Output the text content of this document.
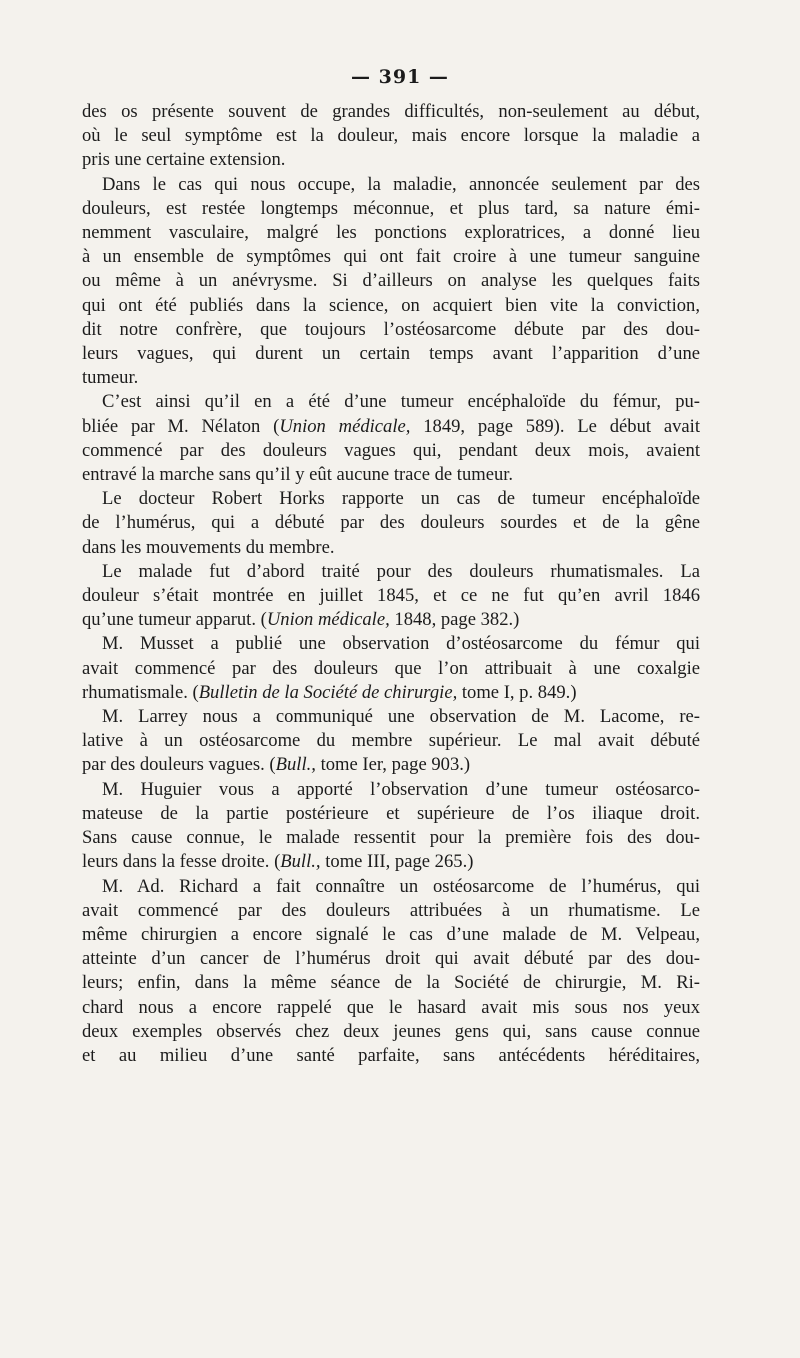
— 391 —
des os présente souvent de grandes difficultés, non-seulement au début,
où le seul symptôme est la douleur, mais encore lorsque la maladie a
pris une certaine extension.
Dans le cas qui nous occupe, la maladie, annoncée seulement par des
douleurs, est restée longtemps méconnue, et plus tard, sa nature émi-
nemment vasculaire, malgré les ponctions exploratrices, a donné lieu
à un ensemble de symptômes qui ont fait croire à une tumeur sanguine
ou même à un anévrysme. Si d’ailleurs on analyse les quelques faits
qui ont été publiés dans la science, on acquiert bien vite la conviction,
dit notre confrère, que toujours l’ostéosarcome débute par des dou-
leurs vagues, qui durent un certain temps avant l’apparition d’une
tumeur.
C’est ainsi qu’il en a été d’une tumeur encéphaloïde du fémur, pu-
bliée par M. Nélaton (Union médicale, 1849, page 589). Le début avait
commencé par des douleurs vagues qui, pendant deux mois, avaient
entravé la marche sans qu’il y eût aucune trace de tumeur.
Le docteur Robert Horks rapporte un cas de tumeur encéphaloïde
de l’humérus, qui a débuté par des douleurs sourdes et de la gêne
dans les mouvements du membre.
Le malade fut d’abord traité pour des douleurs rhumatismales. La
douleur s’était montrée en juillet 1845, et ce ne fut qu’en avril 1846
qu’une tumeur apparut. (Union médicale, 1848, page 382.)
M. Musset a publié une observation d’ostéosarcome du fémur qui
avait commencé par des douleurs que l’on attribuait à une coxalgie
rhumatismale. (Bulletin de la Société de chirurgie, tome I, p. 849.)
M. Larrey nous a communiqué une observation de M. Lacome, re-
lative à un ostéosarcome du membre supérieur. Le mal avait débuté
par des douleurs vagues. (Bull., tome Ier, page 903.)
M. Huguier vous a apporté l’observation d’une tumeur ostéosarco-
mateuse de la partie postérieure et supérieure de l’os iliaque droit.
Sans cause connue, le malade ressentit pour la première fois des dou-
leurs dans la fesse droite. (Bull., tome III, page 265.)
M. Ad. Richard a fait connaître un ostéosarcome de l’humérus, qui
avait commencé par des douleurs attribuées à un rhumatisme. Le
même chirurgien a encore signalé le cas d’une malade de M. Velpeau,
atteinte d’un cancer de l’humérus droit qui avait débuté par des dou-
leurs; enfin, dans la même séance de la Société de chirurgie, M. Ri-
chard nous a encore rappelé que le hasard avait mis sous nos yeux
deux exemples observés chez deux jeunes gens qui, sans cause connue
et au milieu d’une santé parfaite, sans antécédents héréditaires,
